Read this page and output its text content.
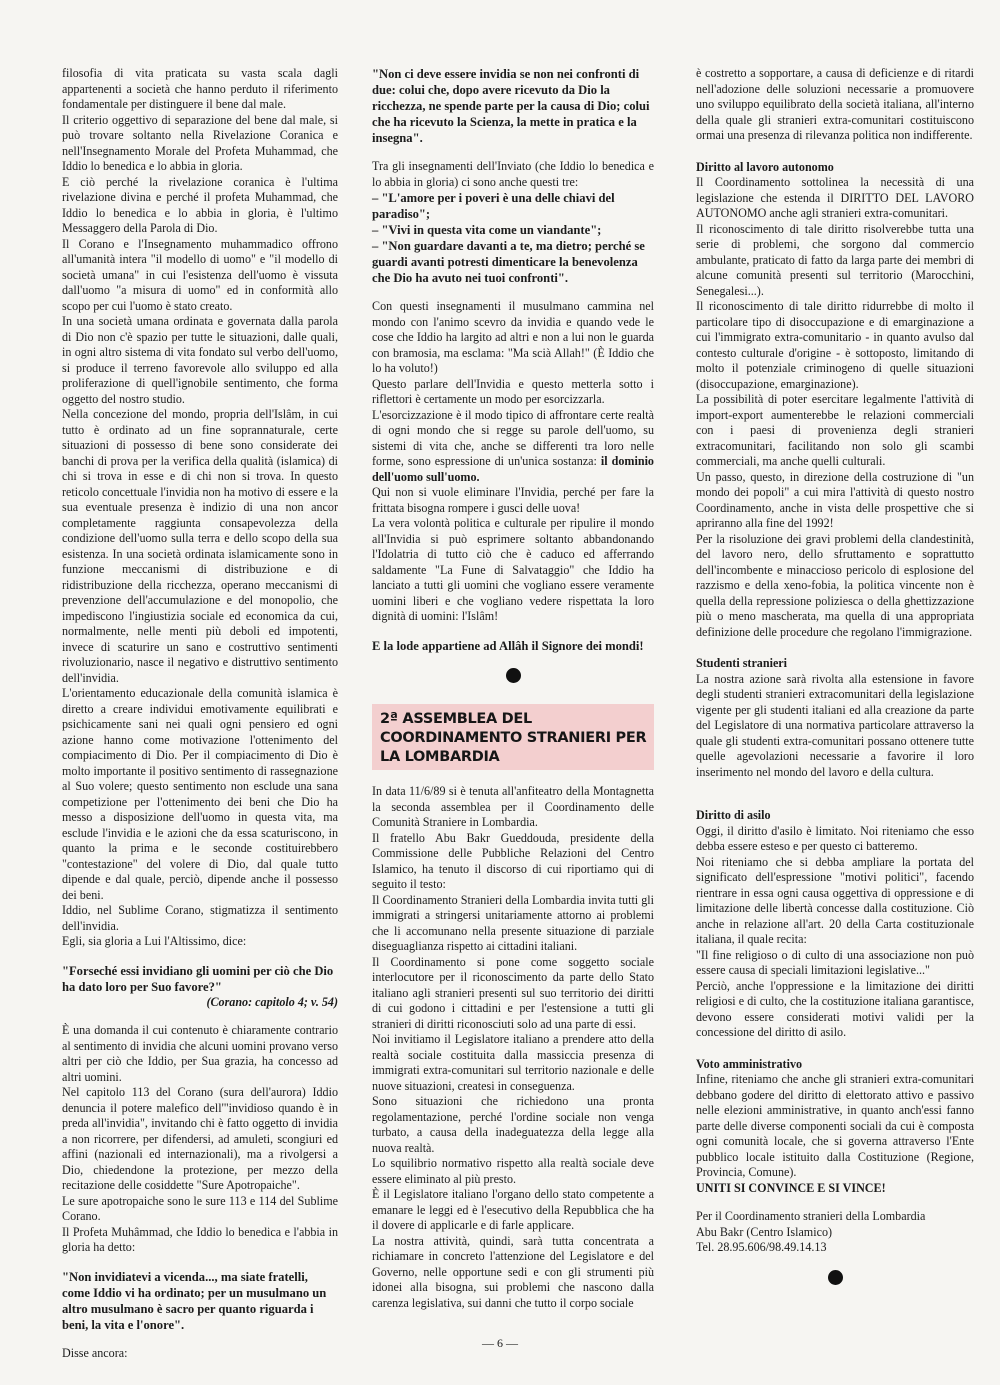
filosofia di vita praticata su vasta scala dagli appartenenti a società che hanno perduto il riferimento fondamentale per distinguere il bene dal male.

Il criterio oggettivo di separazione del bene dal male, si può trovare soltanto nella Rivelazione Coranica e nell'Insegnamento Morale del Profeta Muhammad, che Iddio lo benedica e lo abbia in gloria.

E ciò perché la rivelazione coranica è l'ultima rivelazione divina e perché il profeta Muhammad, che Iddio lo benedica e lo abbia in gloria, è l'ultimo Messaggero della Parola di Dio.

Il Corano e l'Insegnamento muhammadico offrono all'umanità intera "il modello di uomo" e "il modello di società umana" in cui l'esistenza dell'uomo è vissuta dall'uomo "a misura di uomo" ed in conformità allo scopo per cui l'uomo è stato creato.

In una società umana ordinata e governata dalla parola di Dio non c'è spazio per tutte le situazioni, dalle quali, in ogni altro sistema di vita fondato sul verbo dell'uomo, si produce il terreno favorevole allo sviluppo ed alla proliferazione di quell'ignobile sentimento, che forma oggetto del nostro studio.

Nella concezione del mondo, propria dell'Islâm, in cui tutto è ordinato ad un fine soprannaturale, certe situazioni di possesso di bene sono considerate dei banchi di prova per la verifica della qualità (islamica) di chi si trova in esse e di chi non si trova. In questo reticolo concettuale l'invidia non ha motivo di essere e la sua eventuale presenza è indizio di una non ancor completamente raggiunta consapevolezza della condizione dell'uomo sulla terra e dello scopo della sua esistenza. In una società ordinata islamicamente sono in funzione meccanismi di distribuzione e di ridistribuzione della ricchezza, operano meccanismi di prevenzione dell'accumulazione e del monopolio, che impediscono l'ingiustizia sociale ed economica da cui, normalmente, nelle menti più deboli ed impotenti, invece di scaturire un sano e costruttivo sentimenti rivoluzionario, nasce il negativo e distruttivo sentimento dell'invidia.

L'orientamento educazionale della comunità islamica è diretto a creare individui emotivamente equilibrati e psichicamente sani nei quali ogni pensiero ed ogni azione hanno come motivazione l'ottenimento del compiacimento di Dio. Per il compiacimento di Dio è molto importante il positivo sentimento di rassegnazione al Suo volere; questo sentimento non esclude una sana competizione per l'ottenimento dei beni che Dio ha messo a disposizione dell'uomo in questa vita, ma esclude l'invidia e le azioni che da essa scaturiscono, in quanto la prima e le seconde costituirebbero "contestazione" del volere di Dio, dal quale tutto dipende e dal quale, perciò, dipende anche il possesso dei beni.

Iddio, nel Sublime Corano, stigmatizza il sentimento dell'invidia.

Egli, sia gloria a Lui l'Altissimo, dice:

"Forseché essi invidiano gli uomini per ciò che Dio ha dato loro per Suo favore?"

(Corano: capitolo 4; v. 54)

È una domanda il cui contenuto è chiaramente contrario al sentimento di invidia che alcuni uomini provano verso altri per ciò che Iddio, per Sua grazia, ha concesso ad altri uomini.

Nel capitolo 113 del Corano (sura dell'aurora) Iddio denuncia il potere malefico dell'"invidioso quando è in preda all'invidia", invitando chi è fatto oggetto di invidia a non ricorrere, per difendersi, ad amuleti, scongiuri ed affini (nazionali ed internazionali), ma a rivolgersi a Dio, chiedendone la protezione, per mezzo della recitazione delle cosiddette "Sure Apotropaiche".

Le sure apotropaiche sono le sure 113 e 114 del Sublime Corano.

Il Profeta Muhâmmad, che Iddio lo benedica e l'abbia in gloria ha detto:

"Non invidiatevi a vicenda..., ma siate fratelli, come Iddio vi ha ordinato; per un musulmano un altro musulmano è sacro per quanto riguarda i beni, la vita e l'onore".

Disse ancora:

"Non ci deve essere invidia se non nei confronti di due: colui che, dopo avere ricevuto da Dio la ricchezza, ne spende parte per la causa di Dio; colui che ha ricevuto la Scienza, la mette in pratica e la insegna".

Tra gli insegnamenti dell'Inviato (che Iddio lo benedica e lo abbia in gloria) ci sono anche questi tre:

– "L'amore per i poveri è una delle chiavi del paradiso";

– "Vivi in questa vita come un viandante";

– "Non guardare davanti a te, ma dietro; perché se guardi avanti potresti dimenticare la benevolenza che Dio ha avuto nei tuoi confronti".

Con questi insegnamenti il musulmano cammina nel mondo con l'animo scevro da invidia e quando vede le cose che Iddio ha largito ad altri e non a lui non le guarda con bramosia, ma esclama: "Ma scià Allah!" (È Iddio che lo ha voluto!)

Questo parlare dell'Invidia e questo metterla sotto i riflettori è certamente un modo per esorcizzarla.

L'esorcizzazione è il modo tipico di affrontare certe realtà di ogni mondo che si regge su parole dell'uomo, su sistemi di vita che, anche se differenti tra loro nelle forme, sono espressione di un'unica sostanza: il dominio dell'uomo sull'uomo.

Qui non si vuole eliminare l'Invidia, perché per fare la frittata bisogna rompere i gusci delle uova!

La vera volontà politica e culturale per ripulire il mondo all'Invidia si può esprimere soltanto abbandonando l'Idolatria di tutto ciò che è caduco ed afferrando saldamente "La Fune di Salvataggio" che Iddio ha lanciato a tutti gli uomini che vogliano essere veramente uomini liberi e che vogliano vedere rispettata la loro dignità di uomini: l'Islâm!

E la lode appartiene ad Allâh il Signore dei mondi!

2ª ASSEMBLEA DEL COORDINAMENTO STRANIERI PER LA LOMBARDIA

In data 11/6/89 si è tenuta all'anfiteatro della Montagnetta la seconda assemblea per il Coordinamento delle Comunità Straniere in Lombardia.

Il fratello Abu Bakr Gueddouda, presidente della Commissione delle Pubbliche Relazioni del Centro Islamico, ha tenuto il discorso di cui riportiamo qui di seguito il testo:

Il Coordinamento Stranieri della Lombardia invita tutti gli immigrati a stringersi unitariamente attorno ai problemi che li accomunano nella presente situazione di parziale diseguaglianza rispetto ai cittadini italiani.

Il Coordinamento si pone come soggetto sociale interlocutore per il riconoscimento da parte dello Stato italiano agli stranieri presenti sul suo territorio dei diritti di cui godono i cittadini e per l'estensione a tutti gli stranieri di diritti riconosciuti solo ad una parte di essi.

Noi invitiamo il Legislatore italiano a prendere atto della realtà sociale costituita dalla massiccia presenza di immigrati extra-comunitari sul territorio nazionale e delle nuove situazioni, createsi in conseguenza.

Sono situazioni che richiedono una pronta regolamentazione, perché l'ordine sociale non venga turbato, a causa della inadeguatezza della legge alla nuova realtà.

Lo squilibrio normativo rispetto alla realtà sociale deve essere eliminato al più presto.

È il Legislatore italiano l'organo dello stato competente a emanare le leggi ed è l'esecutivo della Repubblica che ha il dovere di applicarle e di farle applicare.

La nostra attività, quindi, sarà tutta concentrata a richiamare in concreto l'attenzione del Legislatore e del Governo, nelle opportune sedi e con gli strumenti più idonei alla bisogna, sui problemi che nascono dalla carenza legislativa, sui danni che tutto il corpo sociale

è costretto a sopportare, a causa di deficienze e di ritardi nell'adozione delle soluzioni necessarie a promuovere uno sviluppo equilibrato della società italiana, all'interno della quale gli stranieri extra-comunitari costituiscono ormai una presenza di rilevanza politica non indifferente.

Diritto al lavoro autonomo

Il Coordinamento sottolinea la necessità di una legislazione che estenda il DIRITTO DEL LAVORO AUTONOMO anche agli stranieri extra-comunitari.

Il riconoscimento di tale diritto risolverebbe tutta una serie di problemi, che sorgono dal commercio ambulante, praticato di fatto da larga parte dei membri di alcune comunità presenti sul territorio (Marocchini, Senegalesi...).

Il riconoscimento di tale diritto ridurrebbe di molto il particolare tipo di disoccupazione e di emarginazione a cui l'immigrato extra-comunitario - in quanto avulso dal contesto culturale d'origine - è sottoposto, limitando di molto il potenziale criminogeno di quelle situazioni (disoccupazione, emarginazione).

La possibilità di poter esercitare legalmente l'attività di import-export aumenterebbe le relazioni commerciali con i paesi di provenienza degli stranieri extracomunitari, facilitando non solo gli scambi commerciali, ma anche quelli culturali.

Un passo, questo, in direzione della costruzione di "un mondo dei popoli" a cui mira l'attività di questo nostro Coordinamento, anche in vista delle prospettive che si apriranno alla fine del 1992!

Per la risoluzione dei gravi problemi della clandestinità, del lavoro nero, dello sfruttamento e soprattutto dell'incombente e minaccioso pericolo di esplosione del razzismo e della xeno-fobia, la politica vincente non è quella della repressione poliziesca o della ghettizzazione più o meno mascherata, ma quella di una appropriata definizione delle procedure che regolano l'immigrazione.

Studenti stranieri

La nostra azione sarà rivolta alla estensione in favore degli studenti stranieri extracomunitari della legislazione vigente per gli studenti italiani ed alla creazione da parte del Legislatore di una normativa particolare attraverso la quale gli studenti extra-comunitari possano ottenere tutte quelle agevolazioni necessarie a favorire il loro inserimento nel mondo del lavoro e della cultura.

Diritto di asilo

Oggi, il diritto d'asilo è limitato. Noi riteniamo che esso debba essere esteso e per questo ci batteremo.

Noi riteniamo che si debba ampliare la portata del significato dell'espressione "motivi politici", facendo rientrare in essa ogni causa oggettiva di oppressione e di limitazione delle libertà concesse dalla costituzione. Ciò anche in relazione all'art. 20 della Carta costituzionale italiana, il quale recita:

"Il fine religioso o di culto di una associazione non può essere causa di speciali limitazioni legislative..."

Perciò, anche l'oppressione e la limitazione dei diritti religiosi e di culto, che la costituzione italiana garantisce, devono essere considerati motivi validi per la concessione del diritto di asilo.

Voto amministrativo

Infine, riteniamo che anche gli stranieri extra-comunitari debbano godere del diritto di elettorato attivo e passivo nelle elezioni amministrative, in quanto anch'essi fanno parte delle diverse componenti sociali da cui è composta ogni comunità locale, che si governa attraverso l'Ente pubblico locale istituito dalla Costituzione (Regione, Provincia, Comune).

UNITI SI CONVINCE E SI VINCE!

Per il Coordinamento stranieri della Lombardia

Abu Bakr (Centro Islamico)

Tel. 28.95.606/98.49.14.13

— 6 —
